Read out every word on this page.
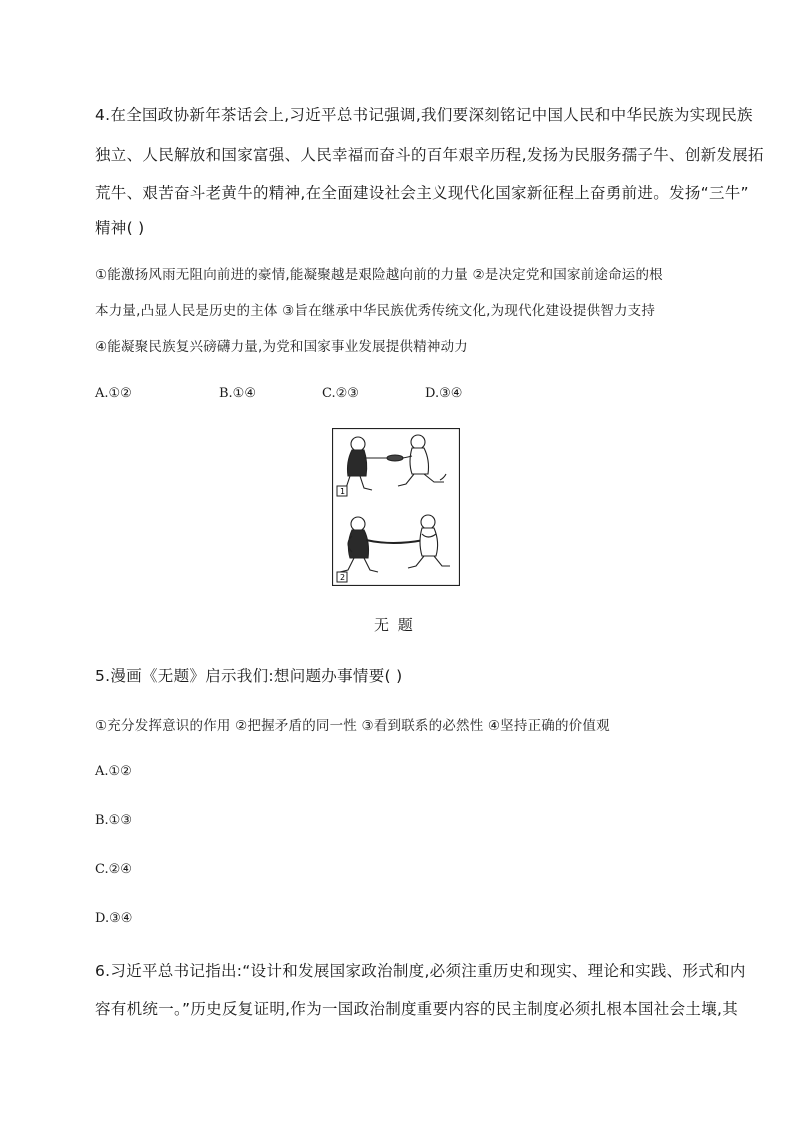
4.在全国政协新年茶话会上,习近平总书记强调,我们要深刻铭记中国人民和中华民族为实现民族
独立、人民解放和国家富强、人民幸福而奋斗的百年艰辛历程,发扬为民服务孺子牛、创新发展拓
荒牛、艰苦奋斗老黄牛的精神,在全面建设社会主义现代化国家新征程上奋勇前进。发扬“三牛”
精神( )
①能激扬风雨无阻向前进的豪情,能凝聚越是艰险越向前的力量 ②是决定党和国家前途命运的根
本力量,凸显人民是历史的主体 ③旨在继承中华民族优秀传统文化,为现代化建设提供智力支持
④能凝聚民族复兴磅礴力量,为党和国家事业发展提供精神动力
A.①②	B.①④	C.②③	D.③④
1
2
无 题
5.漫画《无题》启示我们:想问题办事情要( )
①充分发挥意识的作用 ②把握矛盾的同一性 ③看到联系的必然性 ④坚持正确的价值观
A.①②
B.①③
C.②④
D.③④
6.习近平总书记指出:“设计和发展国家政治制度,必须注重历史和现实、理论和实践、形式和内
容有机统一。”历史反复证明,作为一国政治制度重要内容的民主制度必须扎根本国社会土壤,其
